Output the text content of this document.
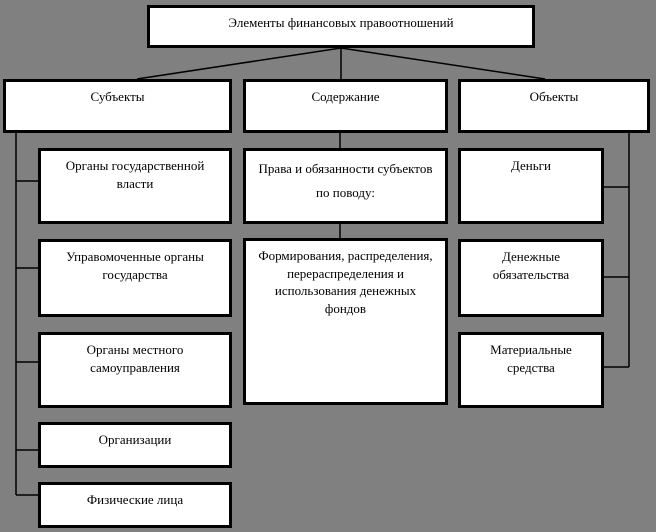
Элементы финансовых правоотношений
Субъекты	Содержание	Объекты
Органы государственной власти
Управомоченные органы государства
Органы местного самоуправления
Организации
Физические лица
Права и обязанности субъектов по поводу:
Формирования, распределения, перераспределения и использования денежных фондов
Деньги
Денежные обязательства
Материальные средства
